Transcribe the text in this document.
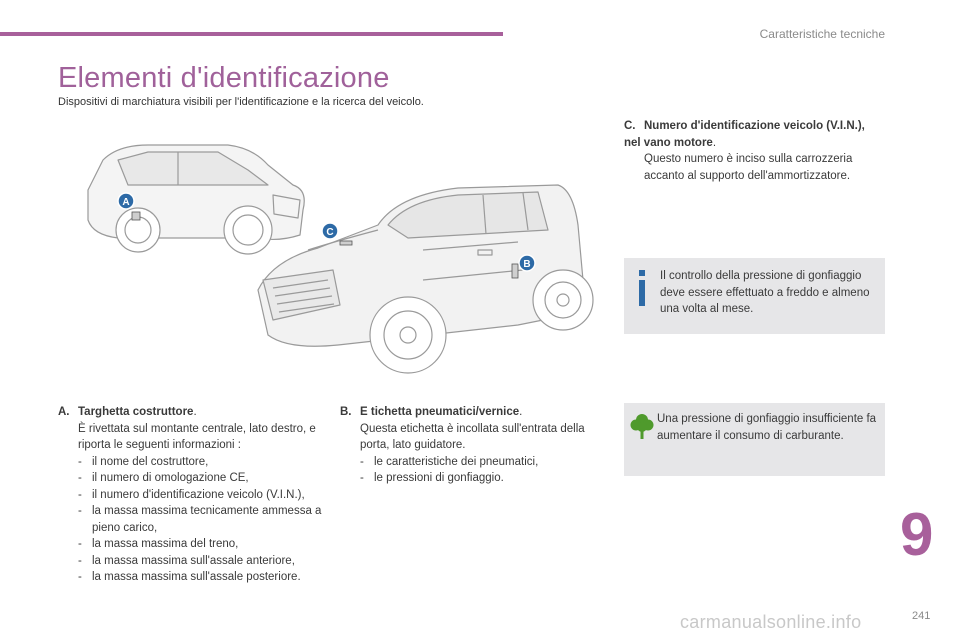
Caratteristiche tecniche
Elementi d'identificazione
Dispositivi di marchiatura visibili per l'identificazione e la ricerca del veicolo.
A
C
B
C. Numero d'identificazione veicolo (V.I.N.), nel vano motore.
Questo numero è inciso sulla carrozzeria accanto al supporto dell'ammortizzatore.
Il controllo della pressione di gonfiaggio deve essere effettuato a freddo e almeno una volta al mese.
A. Targhetta costruttore.
È rivettata sul montante centrale, lato destro, e riporta le seguenti informazioni :
- il nome del costruttore,
- il numero di omologazione CE,
- il numero d'identificazione veicolo (V.I.N.),
- la massa massima tecnicamente ammessa a pieno carico,
- la massa massima del treno,
- la massa massima sull'assale anteriore,
- la massa massima sull'assale posteriore.
B. E tichetta pneumatici/vernice.
Questa etichetta è incollata sull'entrata della porta, lato guidatore.
- le caratteristiche dei pneumatici,
- le pressioni di gonfiaggio.
Una pressione di gonfiaggio insufficiente fa aumentare il consumo di carburante.
9
carmanualsonline.info	241
